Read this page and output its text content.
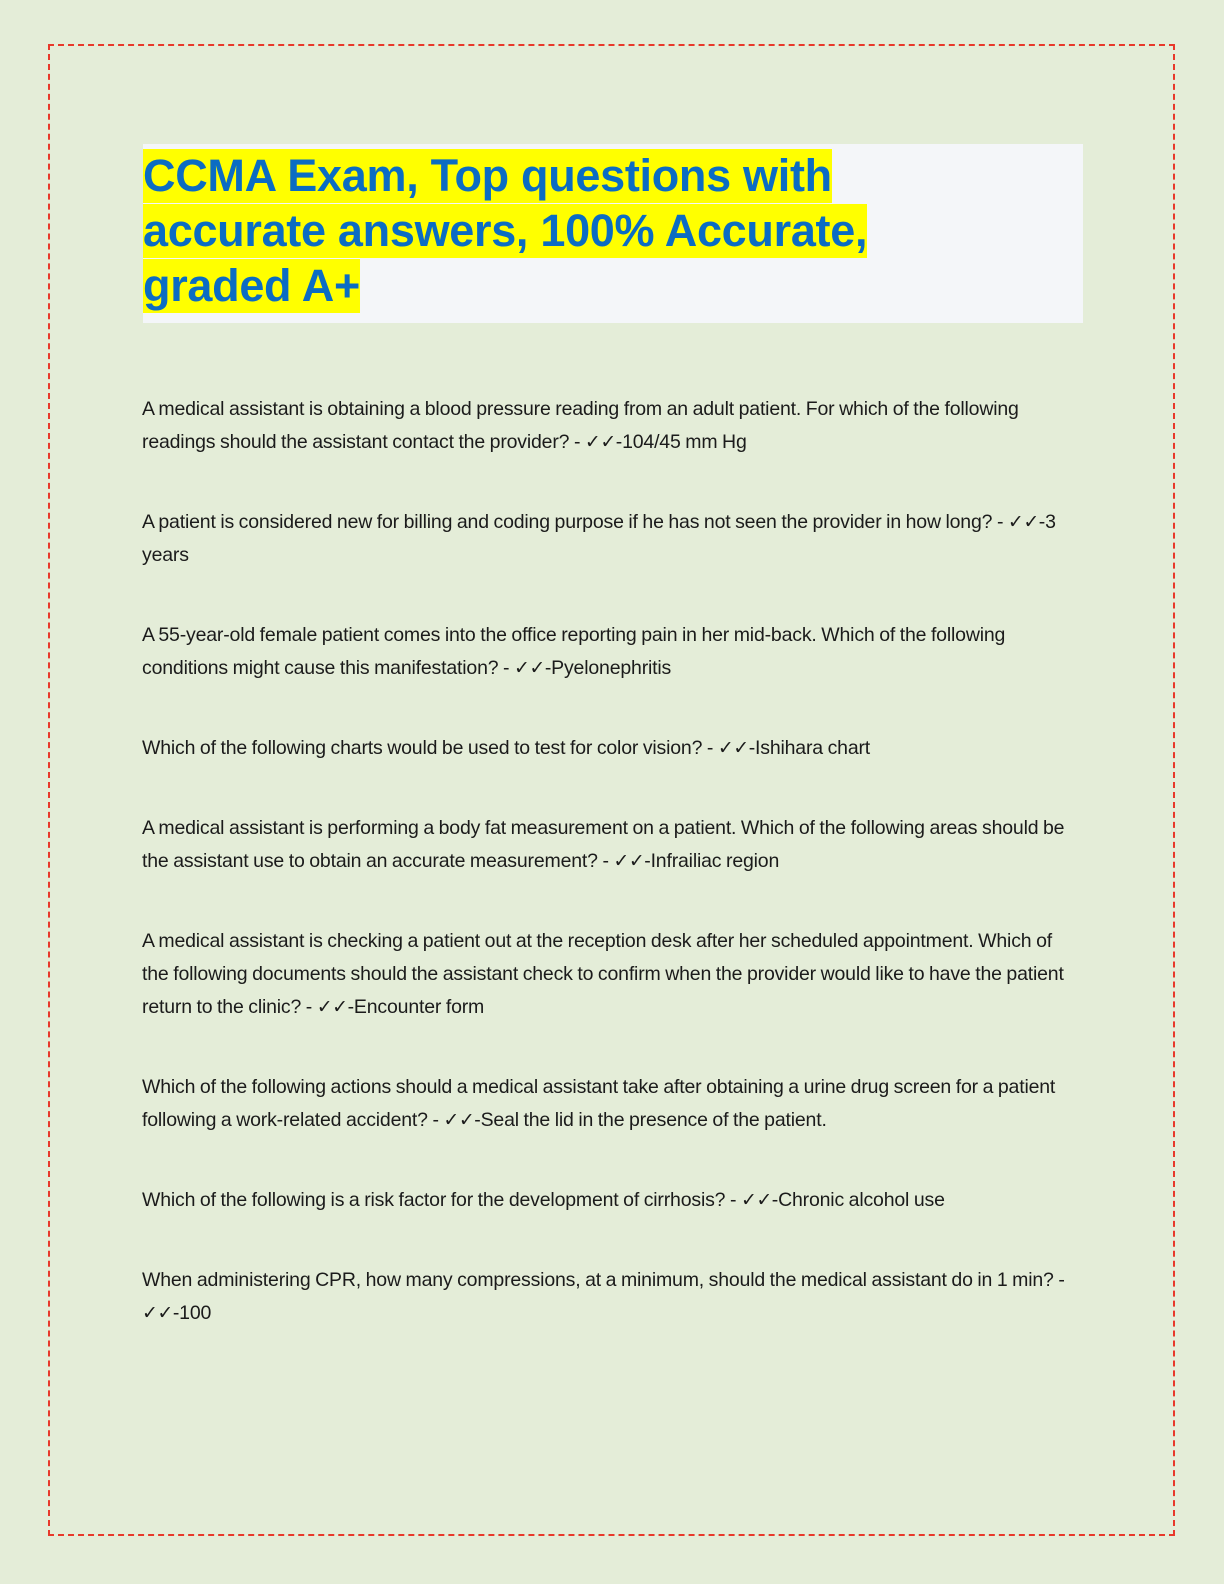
CCMA Exam, Top questions with
accurate answers, 100% Accurate,
graded A+

A medical assistant is obtaining a blood pressure reading from an adult patient. For which of the following readings should the assistant contact the provider? - ✓✓-104/45 mm Hg

A patient is considered new for billing and coding purpose if he has not seen the provider in how long? - ✓✓-3 years

A 55-year-old female patient comes into the office reporting pain in her mid-back. Which of the following conditions might cause this manifestation? - ✓✓-Pyelonephritis

Which of the following charts would be used to test for color vision? - ✓✓-Ishihara chart

A medical assistant is performing a body fat measurement on a patient. Which of the following areas should be the assistant use to obtain an accurate measurement? - ✓✓-Infrailiac region

A medical assistant is checking a patient out at the reception desk after her scheduled appointment. Which of the following documents should the assistant check to confirm when the provider would like to have the patient return to the clinic? - ✓✓-Encounter form

Which of the following actions should a medical assistant take after obtaining a urine drug screen for a patient following a work-related accident? - ✓✓-Seal the lid in the presence of the patient.

Which of the following is a risk factor for the development of cirrhosis? - ✓✓-Chronic alcohol use

When administering CPR, how many compressions, at a minimum, should the medical assistant do in 1 min? - ✓✓-100
